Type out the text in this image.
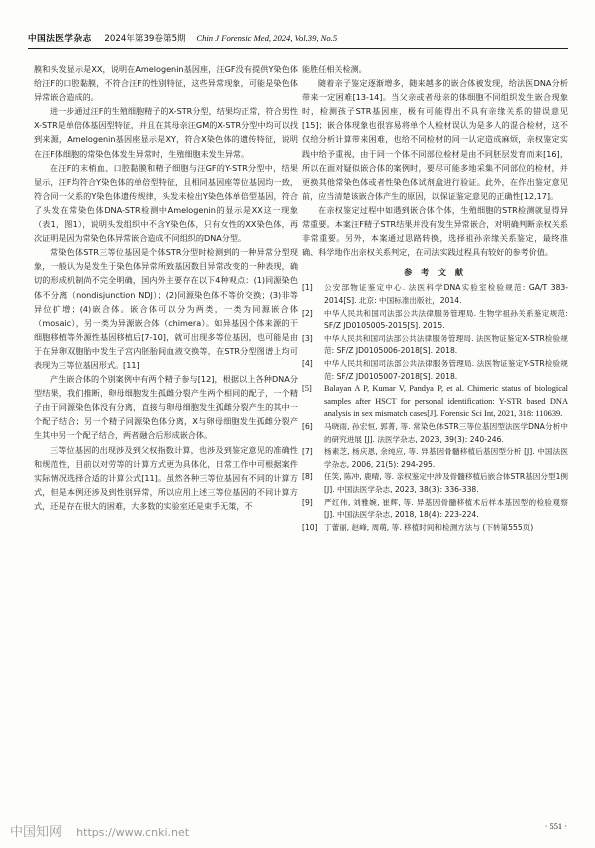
中国法医学杂志 2024年第39卷第5期 Chin J Forensic Med, 2024, Vol.39, No.5

膜和头发显示是XX，说明在Amelogenin基因座，汪GF没有提供Y染色体给汪F的口腔黏膜，不符合汪F的性别特征，这些异常现象，可能是染色体异常嵌合造成的。

进一步通过汪F的生殖细胞精子的X-STR分型，结果均正常，符合男性X-STR是单倍体基因型特征，并且在其母亲汪GM的X-STR分型中均可以找到来源，Amelogenin基因座显示是XY，符合X染色体的遗传特征，说明在汪F体细胞的常染色体发生异常时，生殖细胞未发生异常。

在汪F的末梢血、口腔黏膜和精子细胞与汪GF的Y-STR分型中，结果显示，汪F均符合Y染色体的单倍型特征，且相同基因座等位基因均一致，符合同一父系的Y染色体遗传规律，头发未检出Y染色体单倍型基因，符合了头发在常染色体DNA-STR检测中Amelogenin的显示是XX这一现象（表1，图1），说明头发组织中不含Y染色体，只有女性的XX染色体，再次证明是因为常染色体异常嵌合造成不同组织的DNA分型。

常染色体STR三等位基因是个体STR分型时检测到的一种异常分型现象，一般认为是发生于染色体异常所致基因数目异常改变的一种表现，确切的形成机制尚不完全明确，国内外主要存在以下4种观点：(1)同源染色体不分离（nondisjunction NDJ）；(2)同源染色体不等价交换；(3)非等异位扩增；(4)嵌合体。嵌合体可以分为两类，一类为同源嵌合体（mosaic），另一类为异源嵌合体（chimera）。如异基因个体来源的干细胞移植等外源性基因移植后[7-10]，就可出现多等位基因，也可能是由于在异卵双胞胎中发生子宫内胚胎间血液交换等，在STR分型图谱上均可表现为三等位基因形式。[11]

产生嵌合体的个别案例中有两个精子参与[12]，根据以上各种DNA分型结果，我们推断，卵母细胞发生孤雌分裂产生两个相同的配子，一个精子由于同源染色体没有分离，直接与卵母细胞发生孤雌分裂产生的其中一个配子结合；另一个精子同源染色体分离，X与卵母细胞发生孤雌分裂产生其中另一个配子结合，两者融合后形成嵌合体。

三等位基因的出现涉及到父权指数计算，也涉及到鉴定意见的准确性和规范性，目前以对劳等的计算方式更为具体化，日常工作中可根据案件实际情况选择合适的计算公式[11]。虽然各种三等位基因有不同的计算方式，但是本例还涉及到性别异常，所以应用上述三等位基因的不同计算方式，还是存在很大的困难，大多数的实验室还是束手无策，不

能胜任相关检测。

随着亲子鉴定逐渐增多，随来越多的嵌合体被发现，给法医DNA分析带来一定困难[13-14]。当父亲或者母亲的体细胞不同组织发生嵌合现象时，检测孩子STR基因座，极有可能得出不具有亲缘关系的错误意见[15]；嵌合体现象也很容易将单个人检材误认为是多人的混合检材，这不仅给分析计算带来困难，也给不同检材的同一认定造成麻烦，亲权鉴定实践中给予重视，由于同一个体不同部位检材是由不同胚层发育而来[16]，所以在面对疑似嵌合体的案例时，要尽可能多地采集不同部位的检材，并更换其他常染色体或者性染色体试剂盒进行验证。此外，在作出鉴定意见前，应当清楚该嵌合体产生的原因，以保证鉴定意见的正确性[12,17]。

在亲权鉴定过程中如遇到嵌合体个体，生殖细胞的STR检测就显得异常重要。本案汪F精子STR结果并没有发生异常嵌合，对明确判断亲权关系非常重要。另外，本案通过思路转换，选择祖孙亲缘关系鉴定，最终准确、科学地作出亲权关系判定，在司法实践过程具有较好的参考价值。

参 考 文 献
[1] 公安部物证鉴定中心. 法医科学DNA实验室检验规范: GA/T 383-2014[S]. 北京: 中国标准出版社，2014.
[2] 中华人民共和国司法部公共法律服务管理局. 生物学祖孙关系鉴定规范: SF/Z JD0105005-2015[S]. 2015.
[3] 中华人民共和国司法部公共法律服务管理局. 法医物证鉴定X-STR检验规范: SF/Z JD0105006-2018[S]. 2018.
[4] 中华人民共和国司法部公共法律服务管理局. 法医物证鉴定Y-STR检验规范: SF/Z JD0105007-2018[S]. 2018.
[5] Balayan A P, Kumar V, Pandya P, et al. Chimeric status of biological samples after HSCT for personal identification: Y-STR based DNA analysis in sex mismatch cases[J]. Forensic Sci Int, 2021, 318: 110639.
[6] 马晓雨, 孙宏恒, 郭菁, 等. 常染色体STR三等位基因型法医学DNA分析中的研究进展 [J]. 法医学杂志, 2023, 39(3): 240-246.
[7] 杨素芝, 杨庆恩, 余纯应, 等. 异基因骨髓移植后基因型分析 [J]. 中国法医学杂志, 2006, 21(5): 294-295.
[8] 任笑, 陈冲, 鹿晴, 等. 亲权鉴定中涉及骨髓移植后嵌合体STR基因分型1例 [J]. 中国法医学杂志, 2023, 38(3): 336-338.
[9] 严红伟, 刘雅婉, 崔辉, 等. 异基因骨髓移植术后样本基因型的检验观察 [J]. 中国法医学杂志, 2018, 18(4): 223-224.
[10] 丁蕾丽, 赵峰, 周萌, 等. 移植时间和检测方法与 (下转第555页)
· 551 ·
中国知网 https://www.cnki.net
